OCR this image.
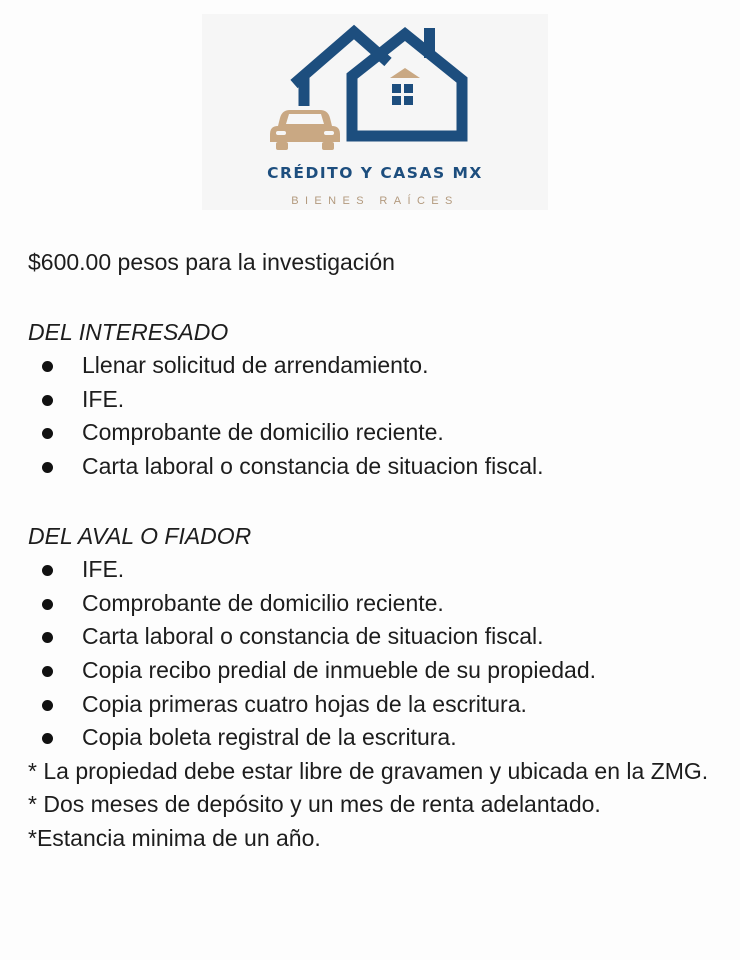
CRÉDITO Y CASAS MX
BIENES RAÍCES
$600.00 pesos para la investigación
DEL INTERESADO
Llenar solicitud de arrendamiento.
IFE.
Comprobante de domicilio reciente.
Carta laboral o constancia de situacion fiscal.
DEL AVAL O FIADOR
IFE.
Comprobante de domicilio reciente.
Carta laboral o constancia de situacion fiscal.
Copia recibo predial de inmueble de su propiedad.
Copia primeras cuatro hojas de la escritura.
Copia boleta registral de la escritura.
* La propiedad debe estar libre de gravamen y ubicada en la ZMG.
* Dos meses de depósito y un mes de renta adelantado.
*Estancia minima de un año.
